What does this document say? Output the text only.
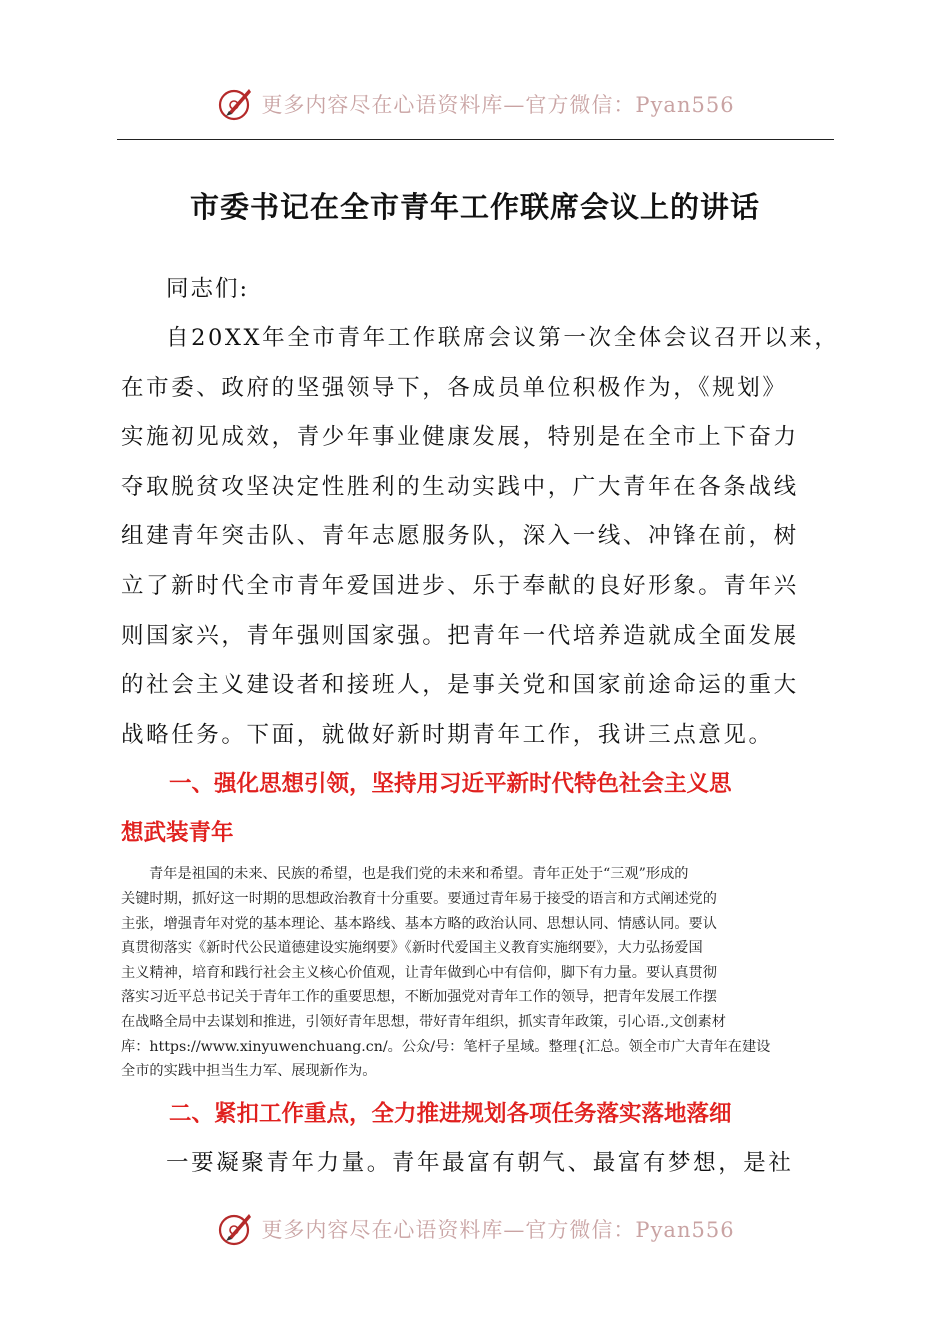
更多内容尽在心语资料库—官方微信：Pyan556
市委书记在全市青年工作联席会议上的讲话

同志们:

自20XX年全市青年工作联席会议第一次全体会议召开以来，
在市委、政府的坚强领导下，各成员单位积极作为，《规划》
实施初见成效，青少年事业健康发展，特别是在全市上下奋力
夺取脱贫攻坚决定性胜利的生动实践中，广大青年在各条战线
组建青年突击队、青年志愿服务队，深入一线、冲锋在前，树
立了新时代全市青年爱国进步、乐于奉献的良好形象。青年兴
则国家兴，青年强则国家强。把青年一代培养造就成全面发展
的社会主义建设者和接班人，是事关党和国家前途命运的重大
战略任务。下面，就做好新时期青年工作，我讲三点意见。

一、强化思想引领，坚持用习近平新时代特色社会主义思
想武装青年

青年是祖国的未来、民族的希望，也是我们党的未来和希望。青年正处于“三观”形成的
关键时期，抓好这一时期的思想政治教育十分重要。要通过青年易于接受的语言和方式阐述党的
主张，增强青年对党的基本理论、基本路线、基本方略的政治认同、思想认同、情感认同。要认
真贯彻落实《新时代公民道德建设实施纲要》《新时代爱国主义教育实施纲要》，大力弘扬爱国
主义精神，培育和践行社会主义核心价值观，让青年做到心中有信仰，脚下有力量。要认真贯彻
落实习近平总书记关于青年工作的重要思想，不断加强党对青年工作的领导，把青年发展工作摆
在战略全局中去谋划和推进，引领好青年思想，带好青年组织，抓实青年政策，引心语.,文创素材
库：https://www.xinyuwenchuang.cn/。公众/号：笔杆子星域。整理{汇总。领全市广大青年在建设
全市的实践中担当生力军、展现新作为。

二、紧扣工作重点，全力推进规划各项任务落实落地落细

一要凝聚青年力量。青年最富有朝气、最富有梦想，是社

更多内容尽在心语资料库—官方微信：Pyan556
